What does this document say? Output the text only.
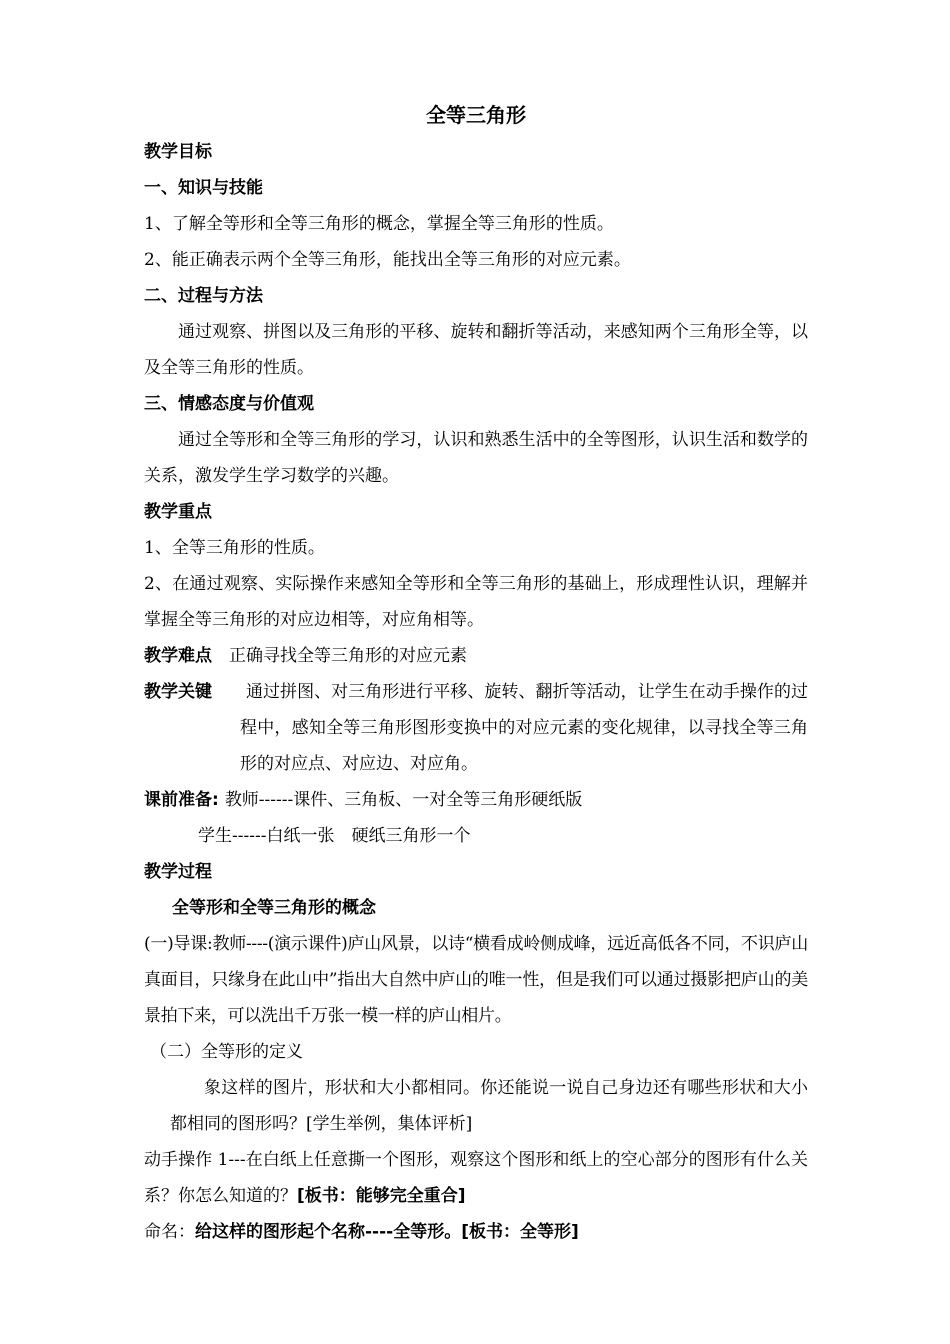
全等三角形
教学目标
一、知识与技能

1、了解全等形和全等三角形的概念，掌握全等三角形的性质。

2、能正确表示两个全等三角形，能找出全等三角形的对应元素。

二、过程与方法

通过观察、拼图以及三角形的平移、旋转和翻折等活动，来感知两个三角形全等，以及全等三角形的性质。

三、情感态度与价值观

通过全等形和全等三角形的学习，认识和熟悉生活中的全等图形，认识生活和数学的关系，激发学生学习数学的兴趣。

教学重点

1、全等三角形的性质。

2、在通过观察、实际操作来感知全等形和全等三角形的基础上，形成理性认识，理解并掌握全等三角形的对应边相等，对应角相等。

教学难点	正确寻找全等三角形的对应元素
教学关键	通过拼图、对三角形进行平移、旋转、翻折等活动，让学生在动手操作的过程中，感知全等三角形图形变换中的对应元素的变化规律，以寻找全等三角形的对应点、对应边、对应角。
课前准备: 教师------课件、三角板、一对全等三角形硬纸版

学生------白纸一张　硬纸三角形一个

教学过程
全等形和全等三角形的概念

(一)导课:教师----(演示课件)庐山风景，以诗“横看成岭侧成峰，远近高低各不同，不识庐山真面目，只缘身在此山中”指出大自然中庐山的唯一性，但是我们可以通过摄影把庐山的美景拍下来，可以洗出千万张一模一样的庐山相片。

（二）全等形的定义

象这样的图片，形状和大小都相同。你还能说一说自己身边还有哪些形状和大小都相同的图形吗？[学生举例，集体评析]

动手操作 1---在白纸上任意撕一个图形，观察这个图形和纸上的空心部分的图形有什么关系？你怎么知道的？[板书：能够完全重合]

命名：给这样的图形起个名称----全等形。[板书：全等形]
